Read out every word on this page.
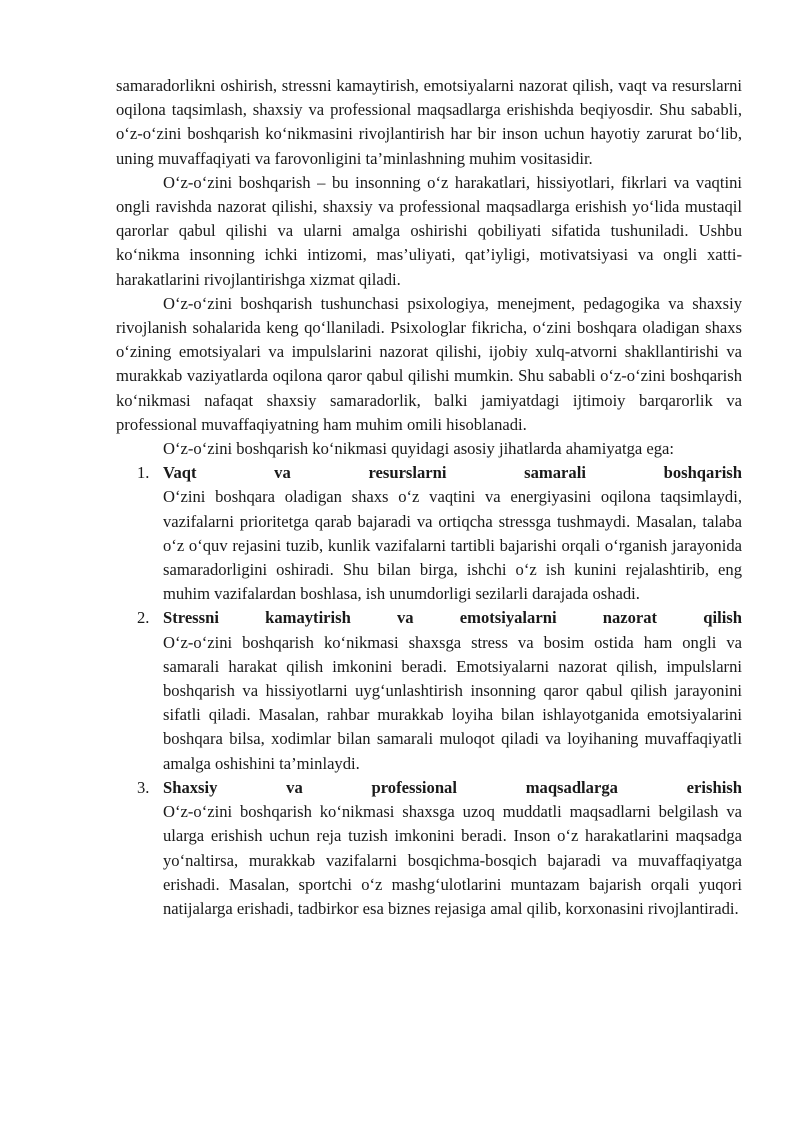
samaradorlikni oshirish, stressni kamaytirish, emotsiyalarni nazorat qilish, vaqt va resurslarni oqilona taqsimlash, shaxsiy va professional maqsadlarga erishishda beqiyosdir. Shu sababli, o‘z-o‘zini boshqarish ko‘nikmasini rivojlantirish har bir inson uchun hayotiy zarurat bo‘lib, uning muvaffaqiyati va farovonligini ta’minlashning muhim vositasidir.

O‘z-o‘zini boshqarish – bu insonning o‘z harakatlari, hissiyotlari, fikrlari va vaqtini ongli ravishda nazorat qilishi, shaxsiy va professional maqsadlarga erishish yo‘lida mustaqil qarorlar qabul qilishi va ularni amalga oshirishi qobiliyati sifatida tushuniladi. Ushbu ko‘nikma insonning ichki intizomi, mas’uliyati, qat’iyligi, motivatsiyasi va ongli xatti-harakatlarini rivojlantirishga xizmat qiladi.

O‘z-o‘zini boshqarish tushunchasi psixologiya, menejment, pedagogika va shaxsiy rivojlanish sohalarida keng qo‘llaniladi. Psixologlar fikricha, o‘zini boshqara oladigan shaxs o‘zining emotsiyalari va impulslarini nazorat qilishi, ijobiy xulq-atvorni shakllantirishi va murakkab vaziyatlarda oqilona qaror qabul qilishi mumkin. Shu sababli o‘z-o‘zini boshqarish ko‘nikmasi nafaqat shaxsiy samaradorlik, balki jamiyatdagi ijtimoiy barqarorlik va professional muvaffaqiyatning ham muhim omili hisoblanadi.

O‘z-o‘zini boshqarish ko‘nikmasi quyidagi asosiy jihatlarda ahamiyatga ega:

1. Vaqt va resurslarni samarali boshqarish
O‘zini boshqara oladigan shaxs o‘z vaqtini va energiyasini oqilona taqsimlaydi, vazifalarni prioritetga qarab bajaradi va ortiqcha stressga tushmaydi. Masalan, talaba o‘z o‘quv rejasini tuzib, kunlik vazifalarni tartibli bajarishi orqali o‘rganish jarayonida samaradorligini oshiradi. Shu bilan birga, ishchi o‘z ish kunini rejalashtirib, eng muhim vazifalardan boshlasa, ish unumdorligi sezilarli darajada oshadi.
2. Stressni kamaytirish va emotsiyalarni nazorat qilish
O‘z-o‘zini boshqarish ko‘nikmasi shaxsga stress va bosim ostida ham ongli va samarali harakat qilish imkonini beradi. Emotsiyalarni nazorat qilish, impulslarni boshqarish va hissiyotlarni uyg‘unlashtirish insonning qaror qabul qilish jarayonini sifatli qiladi. Masalan, rahbar murakkab loyiha bilan ishlayotganida emotsiyalarini boshqara bilsa, xodimlar bilan samarali muloqot qiladi va loyihaning muvaffaqiyatli amalga oshishini ta’minlaydi.
3. Shaxsiy va professional maqsadlarga erishish
O‘z-o‘zini boshqarish ko‘nikmasi shaxsga uzoq muddatli maqsadlarni belgilash va ularga erishish uchun reja tuzish imkonini beradi. Inson o‘z harakatlarini maqsadga yo‘naltirsa, murakkab vazifalarni bosqichma-bosqich bajaradi va muvaffaqiyatga erishadi. Masalan, sportchi o‘z mashg‘ulotlarini muntazam bajarish orqali yuqori natijalarga erishadi, tadbirkor esa biznes rejasiga amal qilib, korxonasini rivojlantiradi.
